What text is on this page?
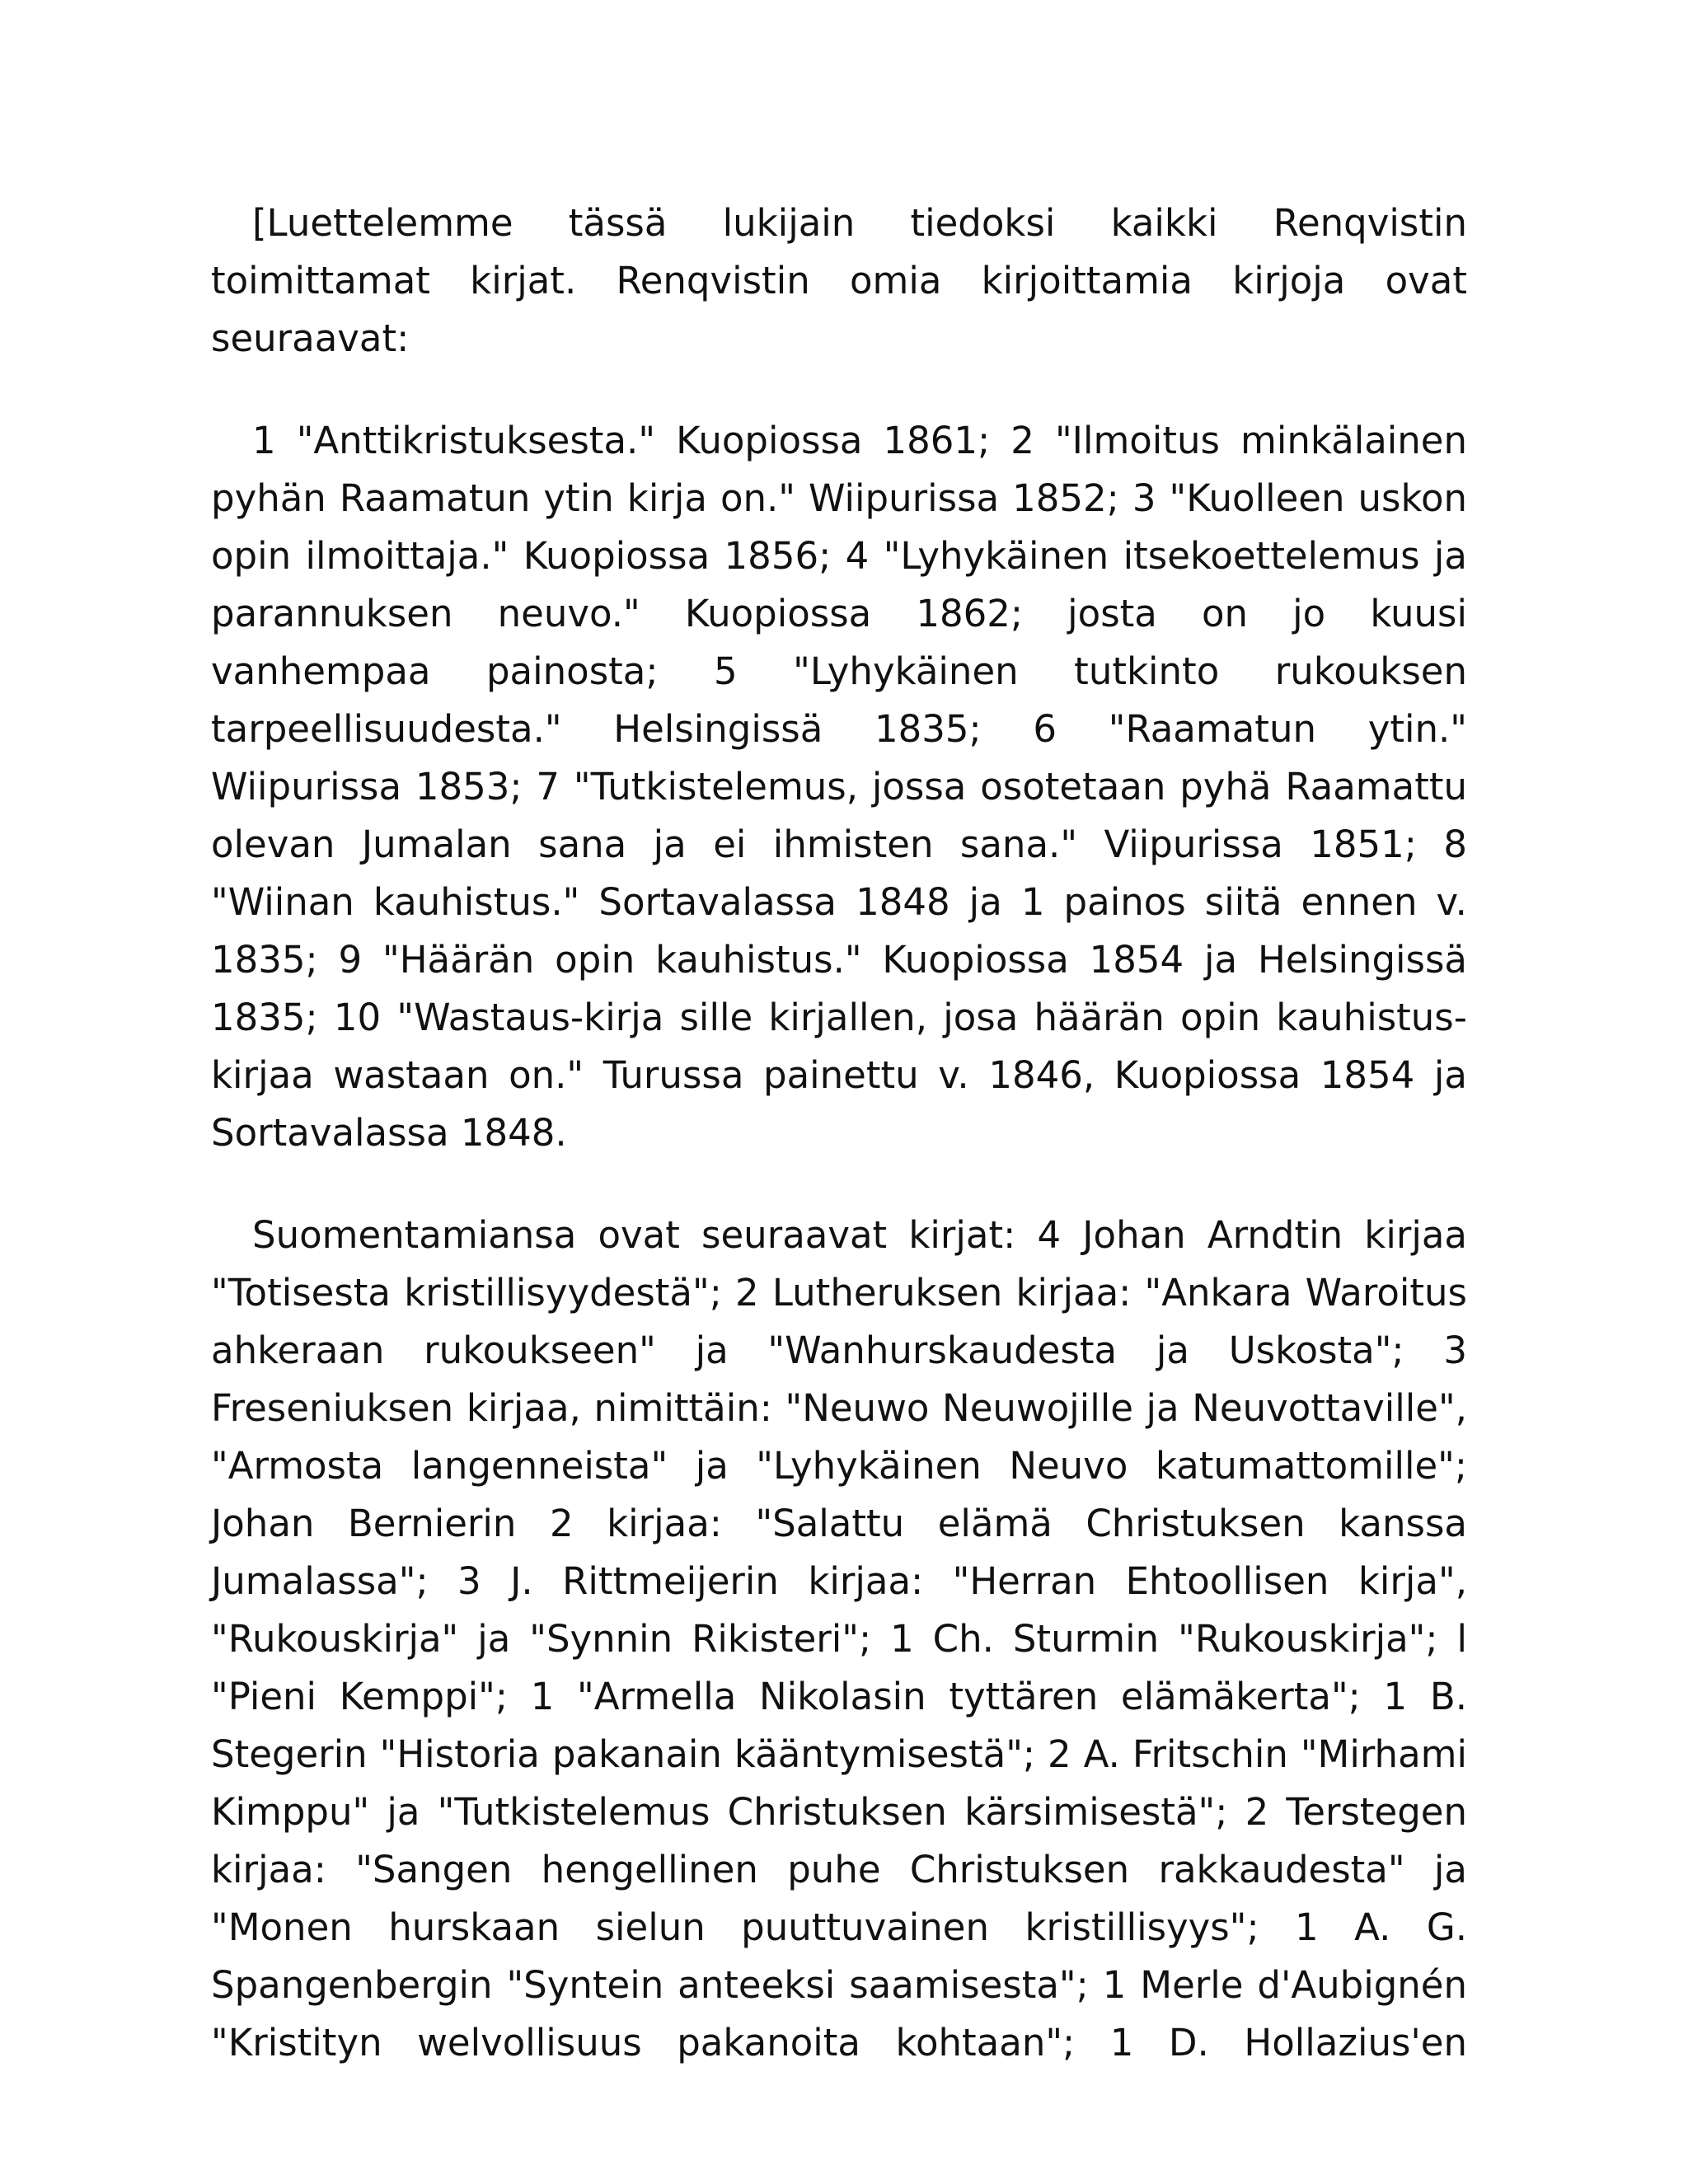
[Luettelemme tässä lukijain tiedoksi kaikki Renqvistin toimittamat kirjat. Renqvistin omia kirjoittamia kirjoja ovat seuraavat:

1 "Anttikristuksesta." Kuopiossa 1861; 2 "Ilmoitus minkälainen pyhän Raamatun ytin kirja on." Wiipurissa 1852; 3 "Kuolleen uskon opin ilmoittaja." Kuopiossa 1856; 4 "Lyhykäinen itsekoettelemus ja parannuksen neuvo." Kuopiossa 1862; josta on jo kuusi vanhempaa painosta; 5 "Lyhykäinen tutkinto rukouksen tarpeellisuudesta." Helsingissä 1835; 6 "Raamatun ytin." Wiipurissa 1853; 7 "Tutkistelemus, jossa osotetaan pyhä Raamattu olevan Jumalan sana ja ei ihmisten sana." Viipurissa 1851; 8 "Wiinan kauhistus." Sortavalassa 1848 ja 1 painos siitä ennen v. 1835; 9 "Häärän opin kauhistus." Kuopiossa 1854 ja Helsingissä 1835; 10 "Wastaus-kirja sille kirjallen, josa häärän opin kauhistus-kirjaa wastaan on." Turussa painettu v. 1846, Kuopiossa 1854 ja Sortavalassa 1848.

Suomentamiansa ovat seuraavat kirjat: 4 Johan Arndtin kirjaa "Totisesta kristillisyydestä"; 2 Lutheruksen kirjaa: "Ankara Waroitus ahkeraan rukoukseen" ja "Wanhurskaudesta ja Uskosta"; 3 Freseniuksen kirjaa, nimittäin: "Neuwo Neuwojille ja Neuvottaville", "Armosta langenneista" ja "Lyhykäinen Neuvo katumattomille"; Johan Bernierin 2 kirjaa: "Salattu elämä Christuksen kanssa Jumalassa"; 3 J. Rittmeijerin kirjaa: "Herran Ehtoollisen kirja", "Rukouskirja" ja "Synnin Rikisteri"; 1 Ch. Sturmin "Rukouskirja"; l "Pieni Kemppi"; 1 "Armella Nikolasin tyttären elämäkerta"; 1 B. Stegerin "Historia pakanain kääntymisestä"; 2 A. Fritschin "Mirhami Kimppu" ja "Tutkistelemus Christuksen kärsimisestä"; 2 Terstegen kirjaa: "Sangen hengellinen puhe Christuksen rakkaudesta" ja "Monen hurskaan sielun puuttuvainen kristillisyys"; 1 A. G. Spangenbergin "Syntein anteeksi saamisesta"; 1 Merle d'Aubignén "Kristityn welvollisuus pakanoita kohtaan"; 1 D. Hollazius'en
